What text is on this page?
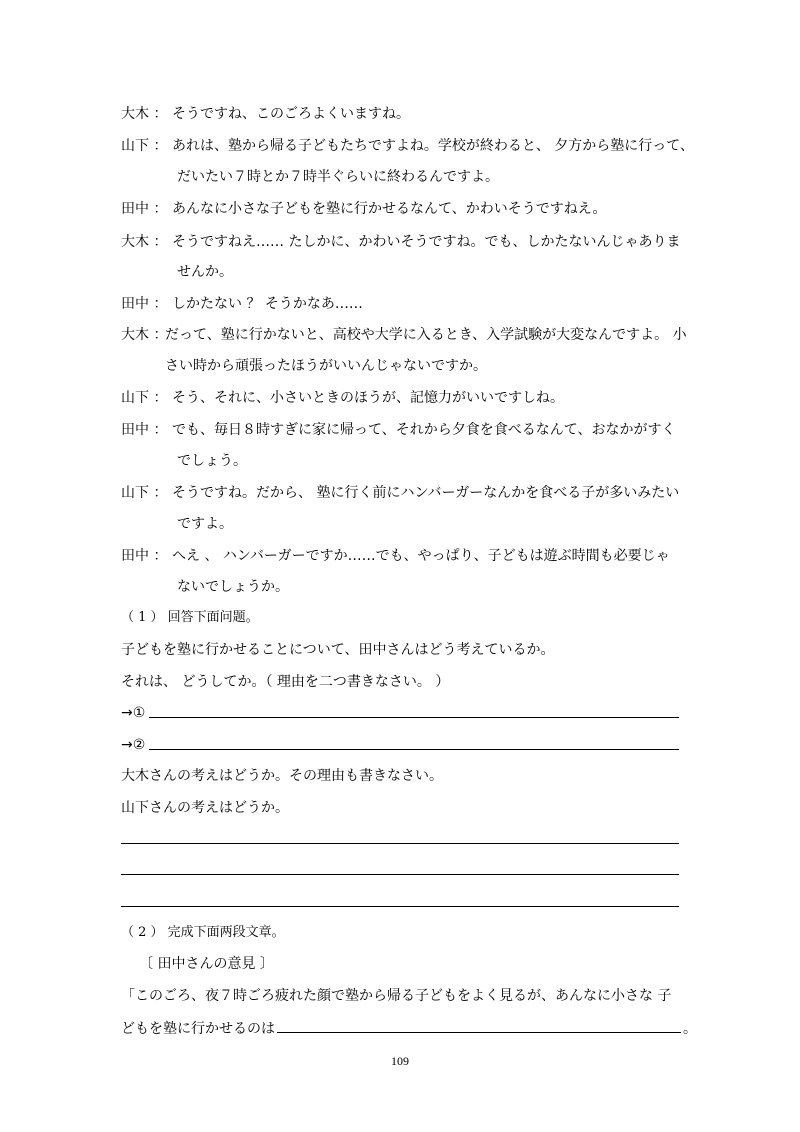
大木 ： そうですね、このごろよくいますね。
山下 ： あれは、塾から帰る子どもたちですよね。学校が終わると、 夕方から塾に行って、
だいたい７時とか７時半ぐらいに終わるんですよ。
田中 ： あんなに小さな子どもを塾に行かせるなんて、かわいそうですねえ。
大木 ： そうですねえ…… たしかに、かわいそうですね。でも、しかたないんじゃありま
せんか。
田中 ： しかたない ？ そうかなあ……
大木 ：だって、塾に行かないと、高校や大学に入るとき、入学試験が大変なんですよ。 小
さい時から頑張ったほうがいいんじゃないですか。
山下 ： そう、それに、小さいときのほうが、記憶力がいいですしね。
田中 ： でも、毎日８時すぎに家に帰って、それから夕食を食べるなんて、おなかがすく
でしょう。
山下 ： そうですね。だから、 塾に行く前にハンバーガーなんかを食べる子が多いみたい
ですよ。
田中 ： へえ 、 ハンバーガーですか……でも、やっぱり、子どもは遊ぶ時間も必要じゃ
ないでしょうか。
（ 1 ） 回答下面问题。
子どもを塾に行かせることについて、田中さんはどう考えているか。
それは、 どうしてか。（ 理由を二つ書きなさい。 ）
→①
→②
大木さんの考えはどうか。その理由も書きなさい。
山下さんの考えはどうか。
（ 2 ） 完成下面两段文章。
〔 田中さんの意見 〕
「このごろ、夜７時ごろ疲れた顔で塾から帰る子どもをよく見るが、あんなに小さな 子
どもを塾に行かせるのは	。
109
